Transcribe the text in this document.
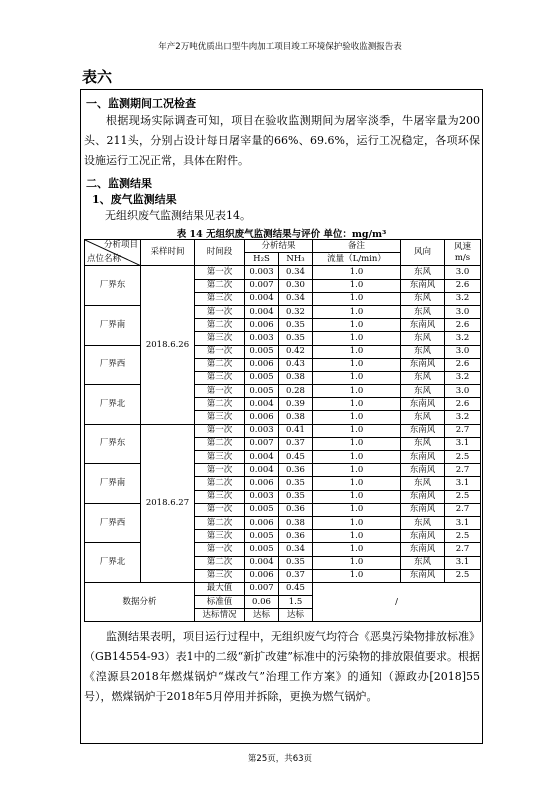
年产2万吨优质出口型牛肉加工项目竣工环境保护验收监测报告表
表六
一、监测期间工况检查

根据现场实际调查可知，项目在验收监测期间为屠宰淡季，牛屠宰量为200头、211头，分别占设计每日屠宰量的66%、69.6%，运行工况稳定，各项环保设施运行工况正常，具体在附件。

二、监测结果
1、废气监测结果
无组织废气监测结果见表14。
表 14 无组织废气监测结果与评价 单位：mg/m³
分析项目
点位名称	采样时间	时间段	分析结果		备注	风向	风速
m/s
			H₂S	NH₃	流量（L/min）		
厂界东	2018.6.26	第一次	0.003	0.34	1.0	东风	3.0
		第二次	0.007	0.30	1.0	东南风	2.6
		第三次	0.004	0.34	1.0	东风	3.2
厂界南		第一次	0.004	0.32	1.0	东风	3.0
		第二次	0.006	0.35	1.0	东南风	2.6
		第三次	0.003	0.35	1.0	东风	3.2
厂界西		第一次	0.005	0.42	1.0	东风	3.0
		第二次	0.006	0.43	1.0	东南风	2.6
		第三次	0.005	0.38	1.0	东风	3.2
厂界北		第一次	0.005	0.28	1.0	东风	3.0
		第二次	0.004	0.39	1.0	东南风	2.6
		第三次	0.006	0.38	1.0	东风	3.2
厂界东	2018.6.27	第一次	0.003	0.41	1.0	东南风	2.7
		第二次	0.007	0.37	1.0	东风	3.1
		第三次	0.004	0.45	1.0	东南风	2.5
厂界南		第一次	0.004	0.36	1.0	东南风	2.7
		第二次	0.006	0.35	1.0	东风	3.1
		第三次	0.003	0.35	1.0	东南风	2.5
厂界西		第一次	0.005	0.36	1.0	东南风	2.7
		第二次	0.006	0.38	1.0	东风	3.1
		第三次	0.005	0.36	1.0	东南风	2.5
厂界北		第一次	0.005	0.34	1.0	东南风	2.7
		第二次	0.004	0.35	1.0	东风	3.1
		第三次	0.006	0.37	1.0	东南风	2.5
数据分析		最大值	0.007	0.45	/		
		标准值	0.06	1.5			
		达标情况	达标	达标			

监测结果表明，项目运行过程中，无组织废气均符合《恶臭污染物排放标准》（GB14554-93）表1中的二级“新扩改建”标准中的污染物的排放限值要求。根据《湟源县2018年燃煤锅炉“煤改气”治理工作方案》的通知（源政办[2018]55号），燃煤锅炉于2018年5月停用并拆除，更换为燃气锅炉。

第25页，共63页
